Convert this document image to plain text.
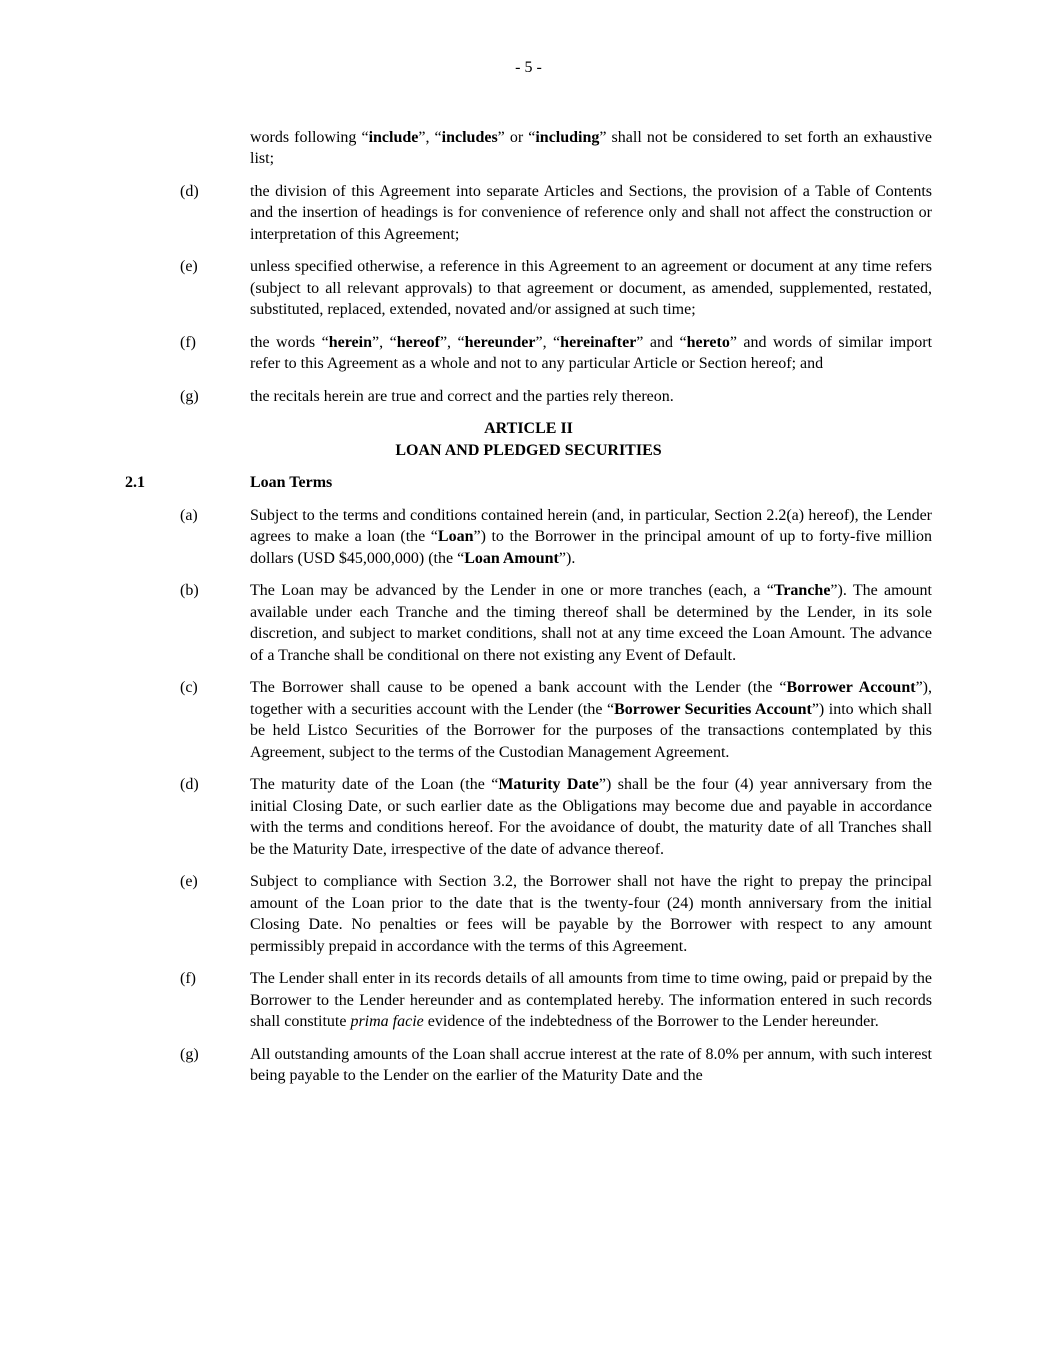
- 5 -
words following “include”, “includes” or “including” shall not be considered to set forth an exhaustive list;
(d)	the division of this Agreement into separate Articles and Sections, the provision of a Table of Contents and the insertion of headings is for convenience of reference only and shall not affect the construction or interpretation of this Agreement;
(e)	unless specified otherwise, a reference in this Agreement to an agreement or document at any time refers (subject to all relevant approvals) to that agreement or document, as amended, supplemented, restated, substituted, replaced, extended, novated and/or assigned at such time;
(f)	the words “herein”, “hereof”, “hereunder”, “hereinafter” and “hereto” and words of similar import refer to this Agreement as a whole and not to any particular Article or Section hereof; and
(g)	the recitals herein are true and correct and the parties rely thereon.
ARTICLE II
LOAN AND PLEDGED SECURITIES
2.1	Loan Terms
(a)	Subject to the terms and conditions contained herein (and, in particular, Section 2.2(a) hereof), the Lender agrees to make a loan (the “Loan”) to the Borrower in the principal amount of up to forty-five million dollars (USD $45,000,000) (the “Loan Amount”).
(b)	The Loan may be advanced by the Lender in one or more tranches (each, a “Tranche”). The amount available under each Tranche and the timing thereof shall be determined by the Lender, in its sole discretion, and subject to market conditions, shall not at any time exceed the Loan Amount. The advance of a Tranche shall be conditional on there not existing any Event of Default.
(c)	The Borrower shall cause to be opened a bank account with the Lender (the “Borrower Account”), together with a securities account with the Lender (the “Borrower Securities Account”) into which shall be held Listco Securities of the Borrower for the purposes of the transactions contemplated by this Agreement, subject to the terms of the Custodian Management Agreement.
(d)	The maturity date of the Loan (the “Maturity Date”) shall be the four (4) year anniversary from the initial Closing Date, or such earlier date as the Obligations may become due and payable in accordance with the terms and conditions hereof. For the avoidance of doubt, the maturity date of all Tranches shall be the Maturity Date, irrespective of the date of advance thereof.
(e)	Subject to compliance with Section 3.2, the Borrower shall not have the right to prepay the principal amount of the Loan prior to the date that is the twenty-four (24) month anniversary from the initial Closing Date. No penalties or fees will be payable by the Borrower with respect to any amount permissibly prepaid in accordance with the terms of this Agreement.
(f)	The Lender shall enter in its records details of all amounts from time to time owing, paid or prepaid by the Borrower to the Lender hereunder and as contemplated hereby. The information entered in such records shall constitute prima facie evidence of the indebtedness of the Borrower to the Lender hereunder.
(g)	All outstanding amounts of the Loan shall accrue interest at the rate of 8.0% per annum, with such interest being payable to the Lender on the earlier of the Maturity Date and the
